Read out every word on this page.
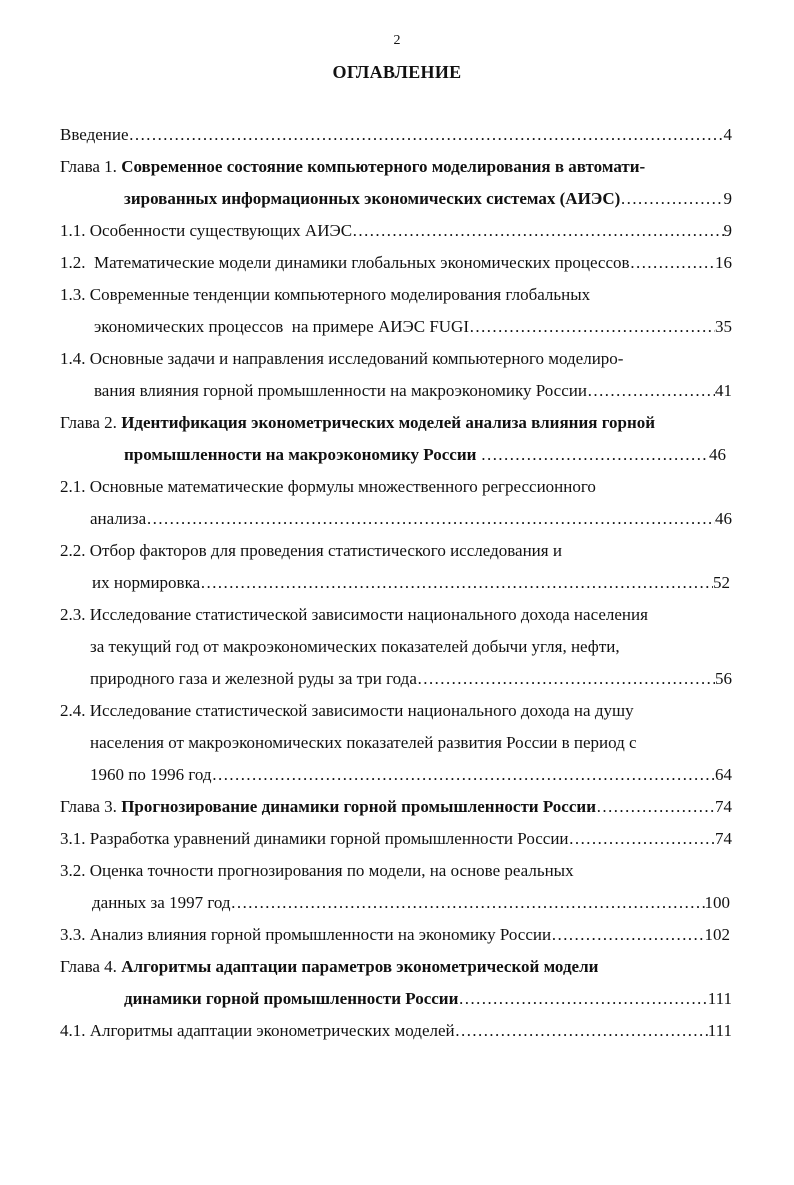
2
ОГЛАВЛЕНИЕ
Введение …………………………………………………………………………………………………………………………………………………………………………………………………………………	4
Глава 1. Современное состояние компьютерного моделирования в автомати-
зированных информационных экономических системах (АИЭС) …………………………………………………………………………………………………………………………………………………………………………………………………………………	9
1.1. Особенности существующих АИЭС …………………………………………………………………………………………………………………………………………………………………………………………………………………	9
1.2.  Математические модели динамики глобальных экономических процессов …………………………………………………………………………………………………………………………………………………………………………………………………………………	16
1.3. Современные тенденции компьютерного моделирования глобальных
экономических процессов  на примере АИЭС FUGI …………………………………………………………………………………………………………………………………………………………………………………………………………………	35
1.4. Основные задачи и направления исследований компьютерного моделиро-
вания влияния горной промышленности на макроэкономику России …………………………………………………………………………………………………………………………………………………………………………………………………………………	41
Глава 2. Идентификация эконометрических моделей анализа влияния горной
промышленности на макроэкономику России …………………………………………………………………………………………………………………………………………………………………………………………………………………	46
2.1. Основные математические формулы множественного регрессионного
анализа …………………………………………………………………………………………………………………………………………………………………………………………………………………	46
2.2. Отбор факторов для проведения статистического исследования и
их нормировка …………………………………………………………………………………………………………………………………………………………………………………………………………………	52
2.3. Исследование статистической зависимости национального дохода населения
за текущий год от макроэкономических показателей добычи угля, нефти,
природного газа и железной руды за три года …………………………………………………………………………………………………………………………………………………………………………………………………………………	56
2.4. Исследование статистической зависимости национального дохода на душу
населения от макроэкономических показателей развития России в период с
1960 по 1996 год …………………………………………………………………………………………………………………………………………………………………………………………………………………	64
Глава 3. Прогнозирование динамики горной промышленности России …………………………………………………………………………………………………………………………………………………………………………………………………………………	74
3.1. Разработка уравнений динамики горной промышленности России …………………………………………………………………………………………………………………………………………………………………………………………………………………	74
3.2. Оценка точности прогнозирования по модели, на основе реальных
данных за 1997 год …………………………………………………………………………………………………………………………………………………………………………………………………………………	100
3.3. Анализ влияния горной промышленности на экономику России …………………………………………………………………………………………………………………………………………………………………………………………………………………	102
Глава 4. Алгоритмы адаптации параметров эконометрической модели
динамики горной промышленности России …………………………………………………………………………………………………………………………………………………………………………………………………………………	111
4.1. Алгоритмы адаптации эконометрических моделей …………………………………………………………………………………………………………………………………………………………………………………………………………………	111
